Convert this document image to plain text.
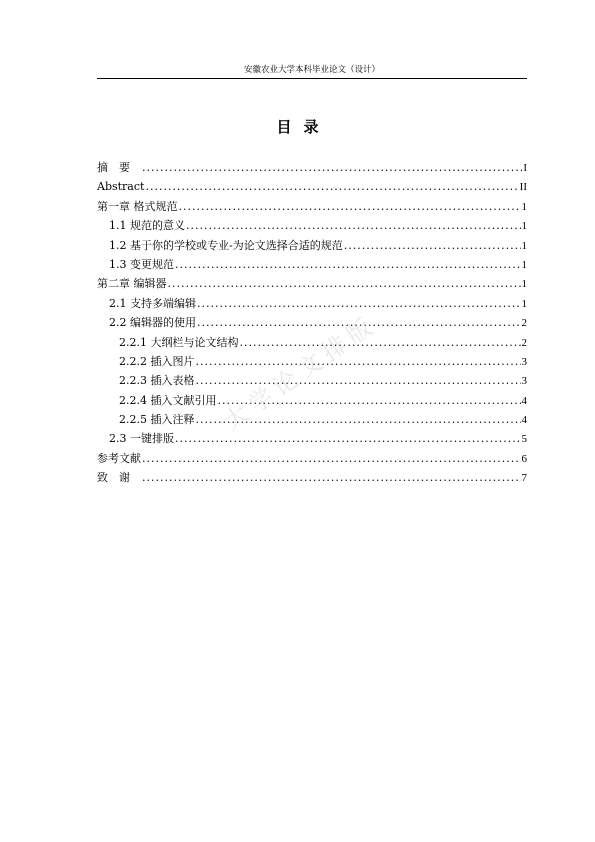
安徽农业大学本科毕业论文（设计）
目录
摘要 .....	I
Abstract .....	II
第一章 格式规范 .....	1
1.1 规范的意义 .....	1
1.2 基于你的学校或专业-为论文选择合适的规范 .....	1
1.3 变更规范 .....	1
第二章 编辑器 .....	1
2.1 支持多端编辑 .....	1
2.2 编辑器的使用 .....	2
2.2.1 大纲栏与论文结构 .....	2
2.2.2 插入图片 .....	3
2.2.3 插入表格 .....	3
2.2.4 插入文献引用 .....	4
2.2.5 插入注释 .....	4
2.3 一键排版 .....	5
参考文献 .....	6
致谢 .....	7
大学论文排版
